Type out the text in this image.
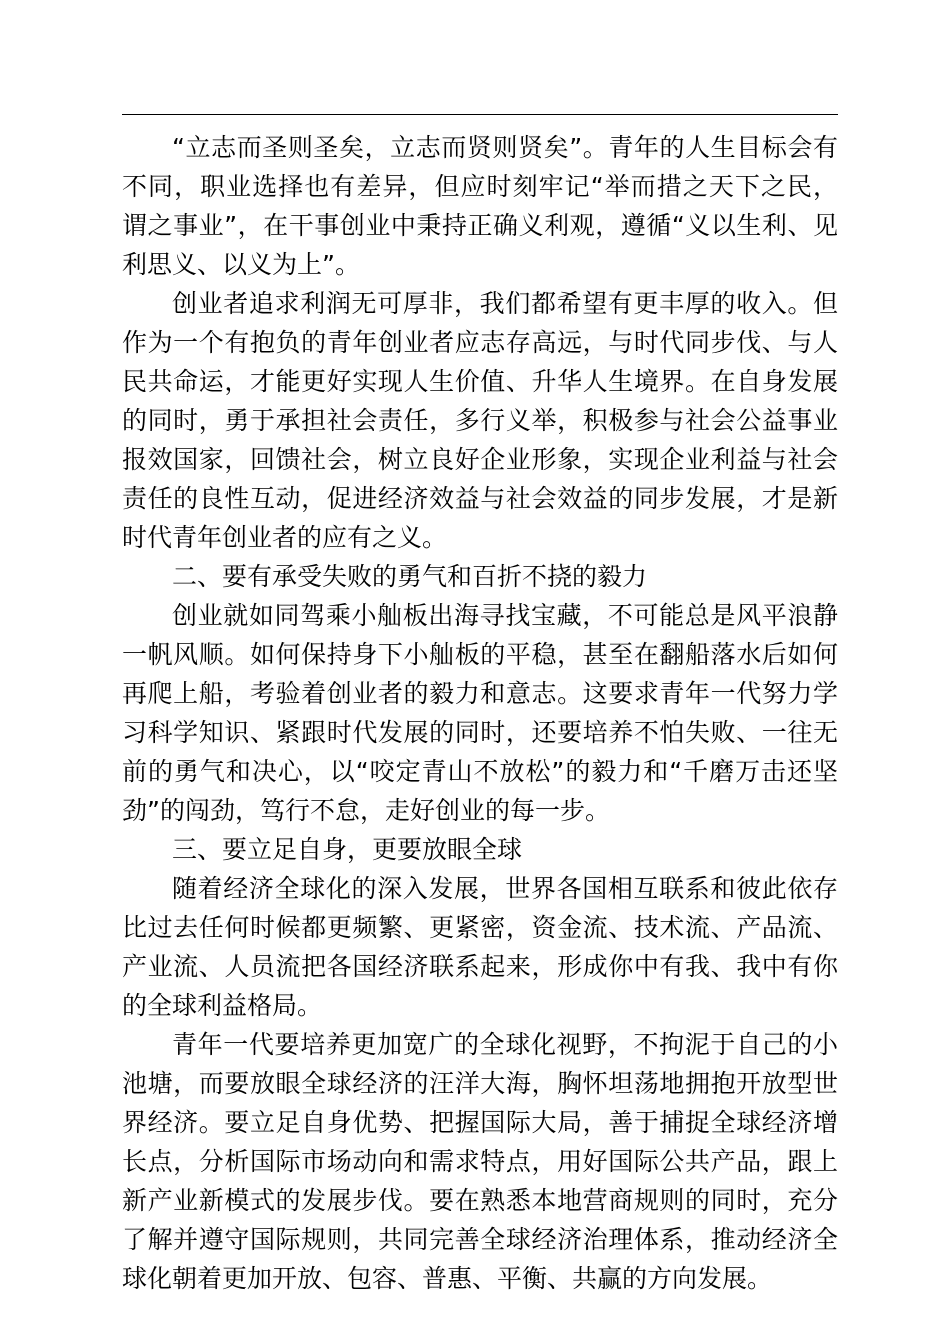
“立志而圣则圣矣，立志而贤则贤矣”。青年的人生目标会有
不同，职业选择也有差异，但应时刻牢记“举而措之天下之民，
谓之事业”，在干事创业中秉持正确义利观，遵循“义以生利、见
利思义、以义为上”。
创业者追求利润无可厚非，我们都希望有更丰厚的收入。但
作为一个有抱负的青年创业者应志存高远，与时代同步伐、与人
民共命运，才能更好实现人生价值、升华人生境界。在自身发展
的同时，勇于承担社会责任，多行义举，积极参与社会公益事业
报效国家，回馈社会，树立良好企业形象，实现企业利益与社会
责任的良性互动，促进经济效益与社会效益的同步发展，才是新
时代青年创业者的应有之义。
二、要有承受失败的勇气和百折不挠的毅力
创业就如同驾乘小舢板出海寻找宝藏，不可能总是风平浪静
一帆风顺。如何保持身下小舢板的平稳，甚至在翻船落水后如何
再爬上船，考验着创业者的毅力和意志。这要求青年一代努力学
习科学知识、紧跟时代发展的同时，还要培养不怕失败、一往无
前的勇气和决心，以“咬定青山不放松”的毅力和“千磨万击还坚
劲”的闯劲，笃行不怠，走好创业的每一步。
三、要立足自身，更要放眼全球
随着经济全球化的深入发展，世界各国相互联系和彼此依存
比过去任何时候都更频繁、更紧密，资金流、技术流、产品流、
产业流、人员流把各国经济联系起来，形成你中有我、我中有你
的全球利益格局。
青年一代要培养更加宽广的全球化视野，不拘泥于自己的小
池塘，而要放眼全球经济的汪洋大海，胸怀坦荡地拥抱开放型世
界经济。要立足自身优势、把握国际大局，善于捕捉全球经济增
长点，分析国际市场动向和需求特点，用好国际公共产品，跟上
新产业新模式的发展步伐。要在熟悉本地营商规则的同时，充分
了解并遵守国际规则，共同完善全球经济治理体系，推动经济全
球化朝着更加开放、包容、普惠、平衡、共赢的方向发展。
